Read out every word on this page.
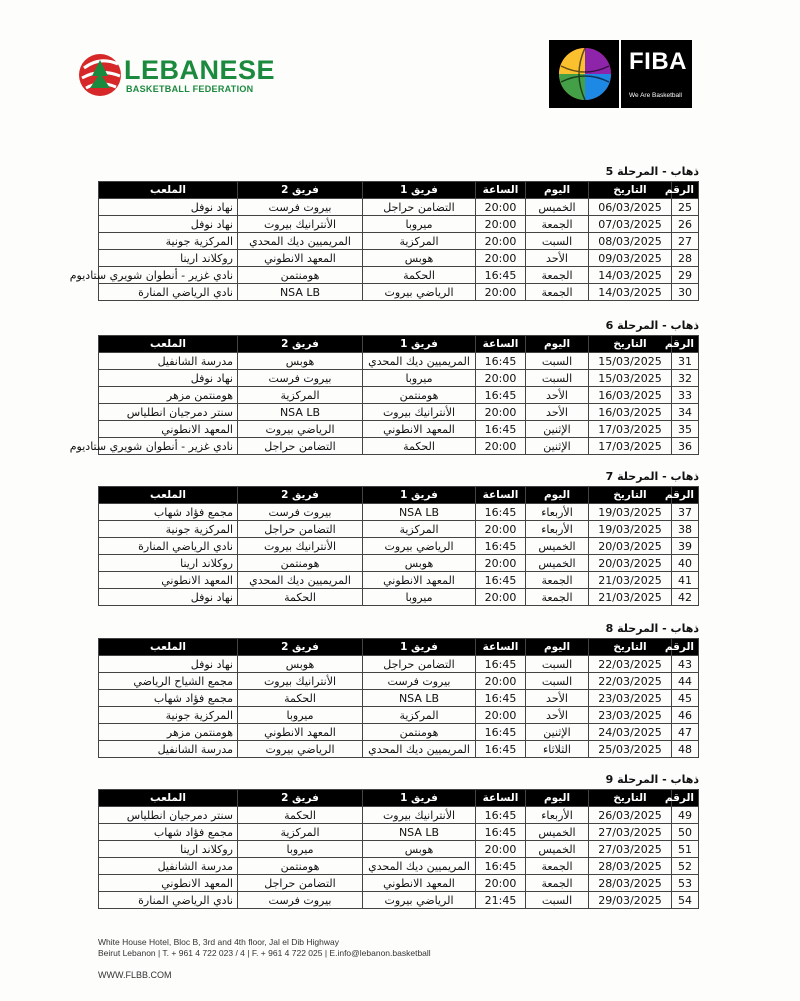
LEBANESE
BASKETBALL FEDERATION
FIBA
We Are Basketball
ذهاب - المرحلة 5
الرقم	التاريخ	اليوم	الساعة	فريق 1	فريق 2	الملعب
25	06/03/2025	الخميس	20:00	التضامن حراجل	بيروت فرست	نهاد نوفل
26	07/03/2025	الجمعة	20:00	ميروبا	الأنترانيك بيروت	نهاد نوفل
27	08/03/2025	السبت	20:00	المركزية	المريميين ديك المحدي	المركزية جونية
28	09/03/2025	الأحد	20:00	هوبس	المعهد الانطوني	روكلاند ارينا
29	14/03/2025	الجمعة	16:45	الحكمة	هومنتمن	نادي غزير - أنطوان شويري ستاديوم
30	14/03/2025	الجمعة	20:00	الرياضي بيروت	NSA LB	نادي الرياضي المنارة
ذهاب - المرحلة 6
الرقم	التاريخ	اليوم	الساعة	فريق 1	فريق 2	الملعب
31	15/03/2025	السبت	16:45	المريميين ديك المحدي	هوبس	مدرسة الشانفيل
32	15/03/2025	السبت	20:00	ميروبا	بيروت فرست	نهاد نوفل
33	16/03/2025	الأحد	16:45	هومنتمن	المركزية	هومنتمن مزهر
34	16/03/2025	الأحد	20:00	الأنترانيك بيروت	NSA LB	سنتر دمرجيان انطلياس
35	17/03/2025	الإثنين	16:45	المعهد الانطوني	الرياضي بيروت	المعهد الانطوني
36	17/03/2025	الإثنين	20:00	الحكمة	التضامن حراجل	نادي غزير - أنطوان شويري ستاديوم
ذهاب - المرحلة 7
الرقم	التاريخ	اليوم	الساعة	فريق 1	فريق 2	الملعب
37	19/03/2025	الأربعاء	16:45	NSA LB	بيروت فرست	مجمع فؤاد شهاب
38	19/03/2025	الأربعاء	20:00	المركزية	التضامن حراجل	المركزية جونية
39	20/03/2025	الخميس	16:45	الرياضي بيروت	الأنترانيك بيروت	نادي الرياضي المنارة
40	20/03/2025	الخميس	20:00	هوبس	هومنتمن	روكلاند ارينا
41	21/03/2025	الجمعة	16:45	المعهد الانطوني	المريميين ديك المحدي	المعهد الانطوني
42	21/03/2025	الجمعة	20:00	ميروبا	الحكمة	نهاد نوفل
ذهاب - المرحلة 8
الرقم	التاريخ	اليوم	الساعة	فريق 1	فريق 2	الملعب
43	22/03/2025	السبت	16:45	التضامن حراجل	هوبس	نهاد نوفل
44	22/03/2025	السبت	20:00	بيروت فرست	الأنترانيك بيروت	مجمع الشياح الرياضي
45	23/03/2025	الأحد	16:45	NSA LB	الحكمة	مجمع فؤاد شهاب
46	23/03/2025	الأحد	20:00	المركزية	ميروبا	المركزية جونية
47	24/03/2025	الإثنين	16:45	هومنتمن	المعهد الانطوني	هومنتمن مزهر
48	25/03/2025	الثلاثاء	16:45	المريميين ديك المحدي	الرياضي بيروت	مدرسة الشانفيل
ذهاب - المرحلة 9
الرقم	التاريخ	اليوم	الساعة	فريق 1	فريق 2	الملعب
49	26/03/2025	الأربعاء	16:45	الأنترانيك بيروت	الحكمة	سنتر دمرجيان انطلياس
50	27/03/2025	الخميس	16:45	NSA LB	المركزية	مجمع فؤاد شهاب
51	27/03/2025	الخميس	20:00	هوبس	ميروبا	روكلاند ارينا
52	28/03/2025	الجمعة	16:45	المريميين ديك المحدي	هومنتمن	مدرسة الشانفيل
53	28/03/2025	الجمعة	20:00	المعهد الانطوني	التضامن حراجل	المعهد الانطوني
54	29/03/2025	السبت	21:45	الرياضي بيروت	بيروت فرست	نادي الرياضي المنارة
White House Hotel, Bloc B, 3rd and 4th floor, Jal el Dib Highway
Beirut Lebanon | T. + 961 4 722 023 / 4 | F. + 961 4 722 025 | E.info@lebanon.basketball
WWW.FLBB.COM
